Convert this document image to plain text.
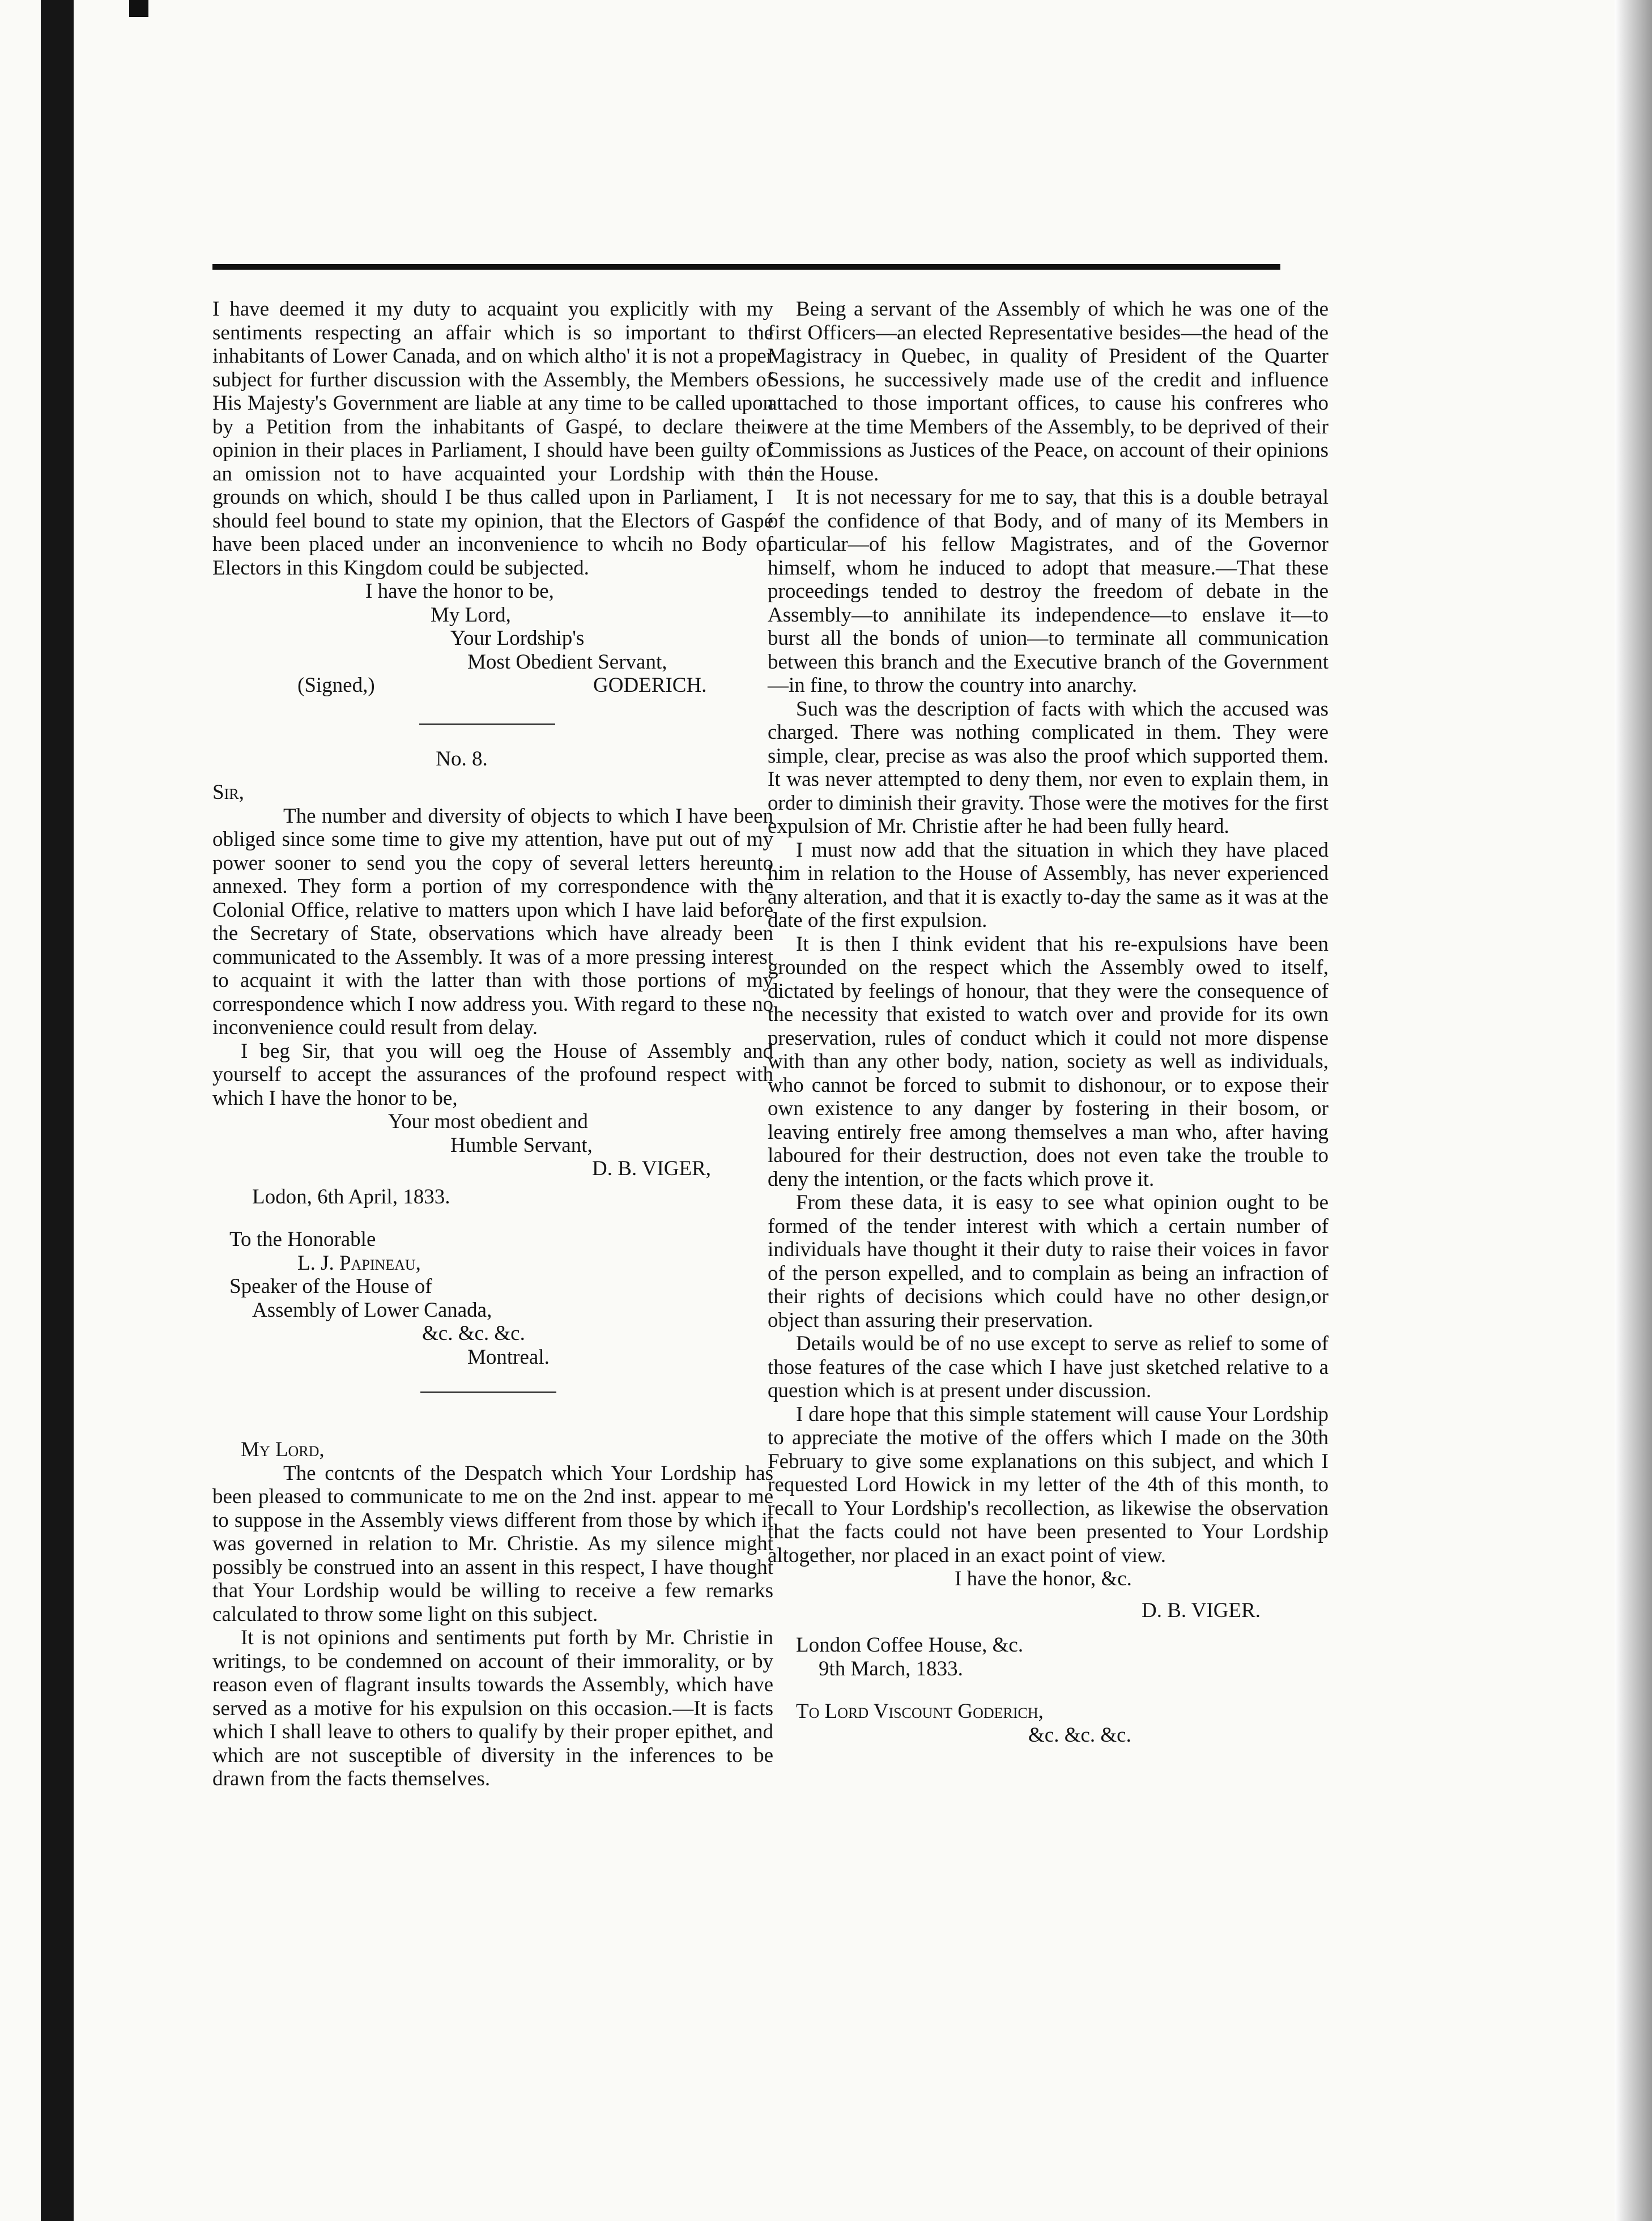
I have deemed it my duty to acquaint you explicitly with my sentiments respecting an affair which is so important to the inhabitants of Lower Canada, and on which altho' it is not a proper subject for further discussion with the Assembly, the Members of His Majesty's Government are liable at any time to be called upon by a Petition from the inhabitants of Gaspé, to declare their opinion in their places in Parliament, I should have been guilty of an omission not to have acquainted your Lordship with the grounds on which, should I be thus called upon in Parliament, I should feel bound to state my opinion, that the Electors of Gaspé have been placed under an inconvenience to whcih no Body of Electors in this Kingdom could be subjected.

I have the honor to be,

My Lord,

Your Lordship's

Most Obedient Servant,

(Signed,)	GODERICH.

No. 8.

Sir,

The number and diversity of objects to which I have been obliged since some time to give my attention, have put out of my power sooner to send you the copy of several letters hereunto annexed. They form a portion of my correspondence with the Colonial Office, relative to matters upon which I have laid before the Secretary of State, observations which have already been communicated to the Assembly. It was of a more pressing interest to acquaint it with the latter than with those portions of my correspondence which I now address you. With regard to these no inconvenience could result from delay.

I beg Sir, that you will oeg the House of Assembly and yourself to accept the assurances of the profound respect with which I have the honor to be,

Your most obedient and

Humble Servant,

D. B. VIGER,

Lodon, 6th April, 1833.

To the Honorable

L. J. Papineau,

Speaker of the House of

Assembly of Lower Canada,

&c. &c. &c.

Montreal.

My Lord,

The contcnts of the Despatch which Your Lordship has been pleased to communicate to me on the 2nd inst. appear to me to suppose in the Assembly views different from those by which it was governed in relation to Mr. Christie. As my silence might possibly be construed into an assent in this respect, I have thought that Your Lordship would be willing to receive a few remarks calculated to throw some light on this subject.

It is not opinions and sentiments put forth by Mr. Christie in writings, to be condemned on account of their immorality, or by reason even of flagrant insults towards the Assembly, which have served as a motive for his expulsion on this occasion.—It is facts which I shall leave to others to qualify by their proper epithet, and which are not susceptible of diversity in the inferences to be drawn from the facts themselves.

Being a servant of the Assembly of which he was one of the first Officers—an elected Representative besides—the head of the Magistracy in Quebec, in quality of President of the Quarter Sessions, he successively made use of the credit and influence attached to those important offices, to cause his confreres who were at the time Members of the Assembly, to be deprived of their Commissions as Justices of the Peace, on account of their opinions in the House.

It is not necessary for me to say, that this is a double betrayal of the confidence of that Body, and of many of its Members in particular—of his fellow Magistrates, and of the Governor himself, whom he induced to adopt that measure.—That these proceedings tended to destroy the freedom of debate in the Assembly—to annihilate its independence—to enslave it—to burst all the bonds of union—to terminate all communication between this branch and the Executive branch of the Government—in fine, to throw the country into anarchy.

Such was the description of facts with which the accused was charged. There was nothing complicated in them. They were simple, clear, precise as was also the proof which supported them. It was never attempted to deny them, nor even to explain them, in order to diminish their gravity. Those were the motives for the first expulsion of Mr. Christie after he had been fully heard.

I must now add that the situation in which they have placed him in relation to the House of Assembly, has never experienced any alteration, and that it is exactly to-day the same as it was at the date of the first expulsion.

It is then I think evident that his re-expulsions have been grounded on the respect which the Assembly owed to itself, dictated by feelings of honour, that they were the consequence of the necessity that existed to watch over and provide for its own preservation, rules of conduct which it could not more dispense with than any other body, nation, society as well as individuals, who cannot be forced to submit to dishonour, or to expose their own existence to any danger by fostering in their bosom, or leaving entirely free among themselves a man who, after having laboured for their destruction, does not even take the trouble to deny the intention, or the facts which prove it.

From these data, it is easy to see what opinion ought to be formed of the tender interest with which a certain number of individuals have thought it their duty to raise their voices in favor of the person expelled, and to complain as being an infraction of their rights of decisions which could have no other design,or object than assuring their preservation.

Details would be of no use except to serve as relief to some of those features of the case which I have just sketched relative to a question which is at present under discussion.

I dare hope that this simple statement will cause Your Lordship to appreciate the motive of the offers which I made on the 30th February to give some explanations on this subject, and which I requested Lord Howick in my letter of the 4th of this month, to recall to Your Lordship's recollection, as likewise the observation that the facts could not have been presented to Your Lordship altogether, nor placed in an exact point of view.

I have the honor, &c.

D. B. VIGER.

London Coffee House, &c.

9th March, 1833.

To Lord Viscount Goderich,

&c. &c. &c.
